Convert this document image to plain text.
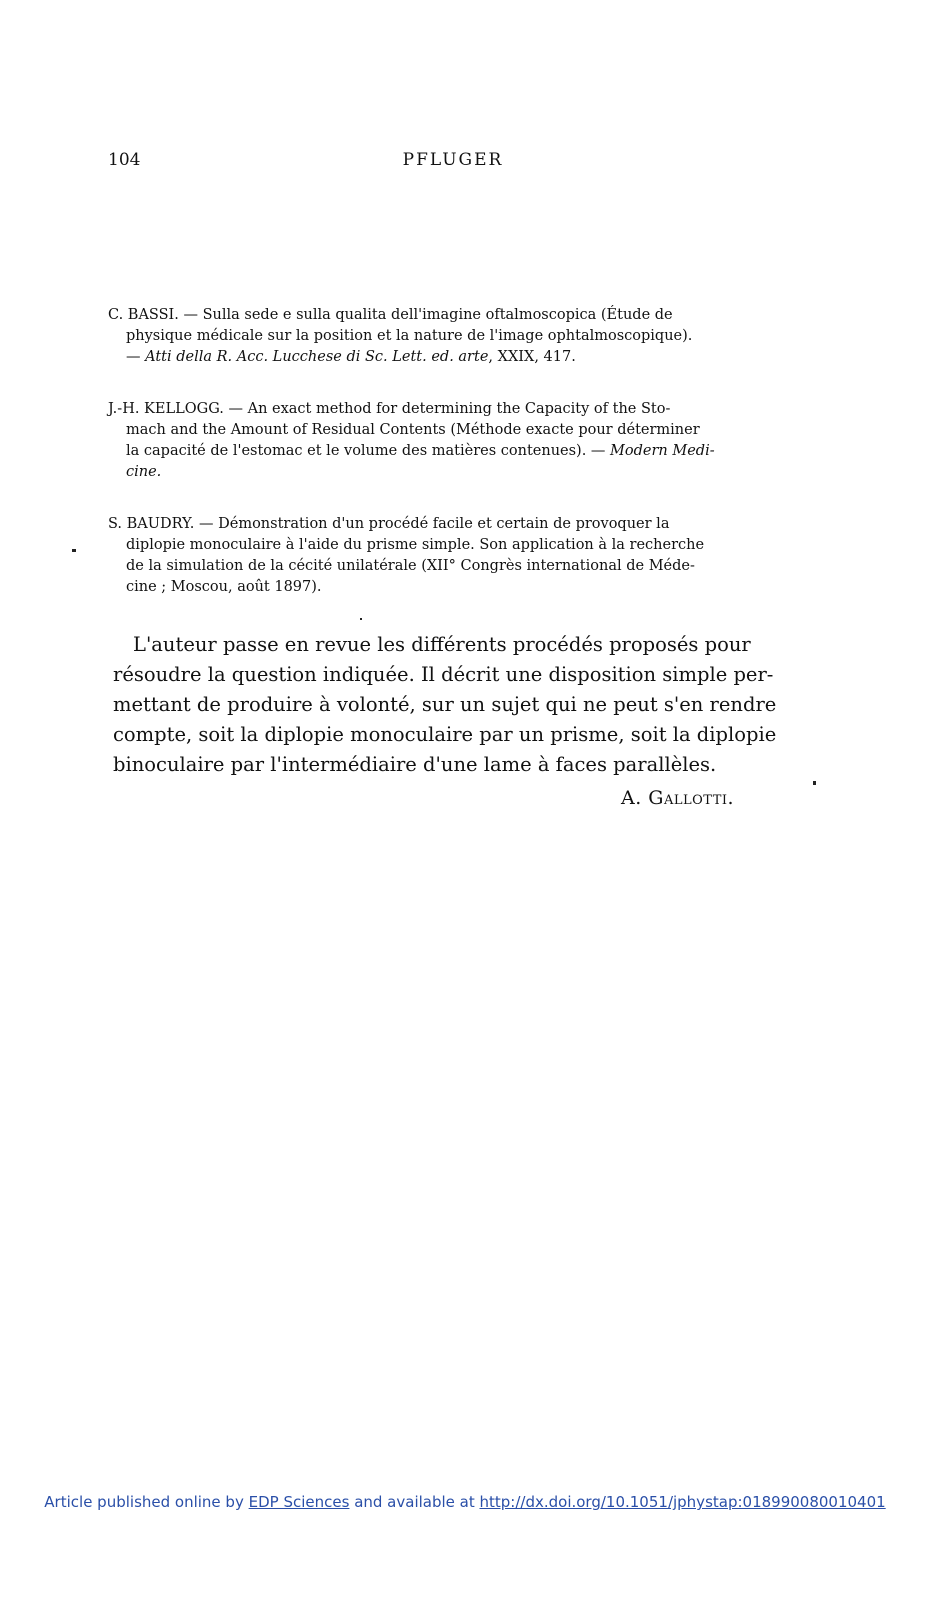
104	PFLUGER
C. BASSI. — Sulla sede e sulla qualita dell'imagine oftalmoscopica (Étude de
physique médicale sur la position et la nature de l'image ophtalmoscopique).
— Atti della R. Acc. Lucchese di Sc. Lett. ed. arte, XXIX, 417.
J.-H. KELLOGG. — An exact method for determining the Capacity of the Sto-
mach and the Amount of Residual Contents (Méthode exacte pour déterminer
la capacité de l'estomac et le volume des matières contenues). — Modern Medi-
cine.
S. BAUDRY. — Démonstration d'un procédé facile et certain de provoquer la
diplopie monoculaire à l'aide du prisme simple. Son application à la recherche
de la simulation de la cécité unilatérale (XII° Congrès international de Méde-
cine ; Moscou, août 1897).
L'auteur passe en revue les différents procédés proposés pour
résoudre la question indiquée. Il décrit une disposition simple per-
mettant de produire à volonté, sur un sujet qui ne peut s'en rendre
compte, soit la diplopie monoculaire par un prisme, soit la diplopie
binoculaire par l'intermédiaire d'une lame à faces parallèles.
A. Gallotti.
Article published online by EDP Sciences and available at http://dx.doi.org/10.1051/jphystap:018990080010401
